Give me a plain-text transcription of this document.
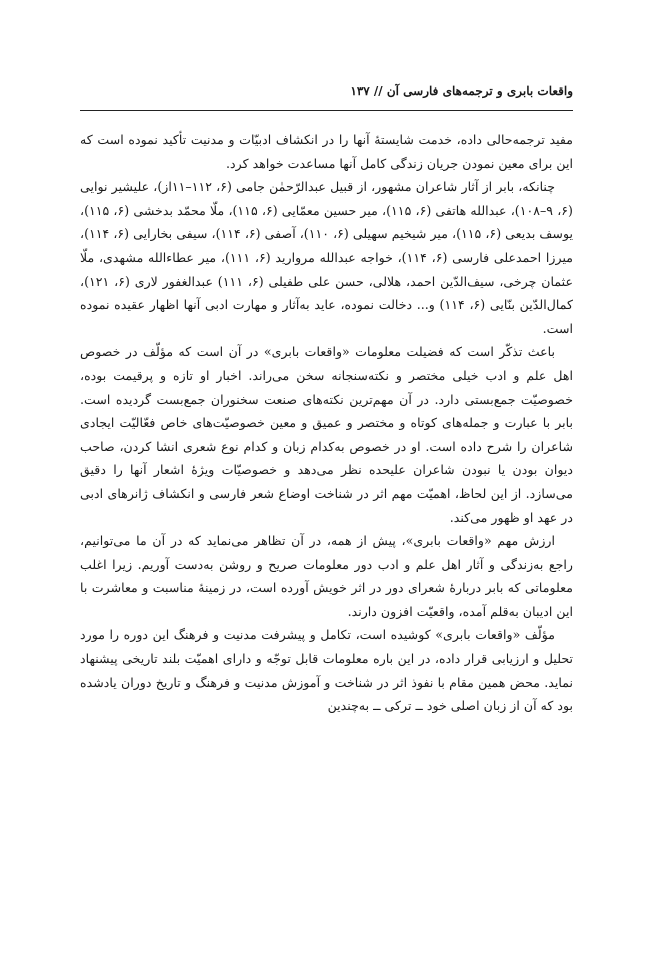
واقعات بابری و ترجمه‌های فارسی آن // ۱۳۷

مفید ترجمه‌حالی داده، خدمت شایستهٔ آنها را در انکشاف ادبیّات و مدنیت تأکید نموده است که این برای معین نمودن جریان زندگی کامل آنها مساعدت خواهد کرد.

چنانکه، بابر از آثار شاعران مشهور، از قبیل عبدالرّحمٰن جامی (۶، ۱۱۲–۱۱از)، علیشیر نوایی (۶، ۹–۱۰۸)، عبدالله هاتفی (۶، ۱۱۵)، میر حسین معمّایی (۶، ۱۱۵)، ملّا محمّد بدخشی (۶، ۱۱۵)، یوسف بدیعی (۶، ۱۱۵)، میر شیخیم سهیلی (۶، ۱۱۰)، آصفی (۶، ۱۱۴)، سیفی بخارایی (۶، ۱۱۴)، میرزا احمدعلی فارسی (۶، ۱۱۴)، خواجه عبدالله مروارید (۶، ۱۱۱)، میر عطاءالله مشهدی، ملّا عثمان چرخی، سیف‌الدّین احمد، هلالی، حسن علی طفیلی (۶، ۱۱۱) عبدالغفور لاری (۶، ۱۲۱)، کمال‌الدّین بنّایی (۶، ۱۱۴) و... دخالت نموده، عاید به‌آثار و مهارت ادبی آنها اظهار عقیده نموده است.

باعث تذکّر است که فضیلت معلومات «واقعات بابری» در آن است که مؤلّف در خصوص اهل علم و ادب خیلی مختصر و نکته‌سنجانه سخن می‌راند. اخبار او تازه و پرقیمت بوده، خصوصیّت جمع‌بستی دارد. در آن مهم‌ترین نکته‌های صنعت سخنوران جمع‌بست گردیده است. بابر با عبارت و جمله‌های کوتاه و مختصر و عمیق و معین خصوصیّت‌های خاص فعّالیّت ایجادی شاعران را شرح داده است. او در خصوص به‌کدام زبان و کدام نوع شعری انشا کردن، صاحب دیوان بودن یا نبودن شاعران علیحده نظر می‌دهد و خصوصیّات ویژهٔ اشعار آنها را دقیق می‌سازد. از این لحاظ، اهمیّت مهم اثر در شناخت اوضاع شعر فارسی و انکشاف ژانرهای ادبی در عهد او ظهور می‌کند.

ارزش مهم «واقعات بابری»، پیش از همه، در آن تظاهر می‌نماید که در آن ما می‌توانیم، راجع به‌زندگی و آثار اهل علم و ادب دور معلومات صریح و روشن به‌دست آوریم. زیرا اغلب معلوماتی که بابر دربارهٔ شعرای دور در اثر خویش آورده است، در زمینهٔ مناسبت و معاشرت با این ادیبان به‌قلم آمده، واقعیّت افزون دارند.

مؤلّف «واقعات بابری» کوشیده است، تکامل و پیشرفت مدنیت و فرهنگ این دوره را مورد تحلیل و ارزیابی قرار داده، در این باره معلومات قابل توجّه و دارای اهمیّت بلند تاریخی پیشنهاد نماید. محض همین مقام با نفوذ اثر در شناخت و آموزش مدنیت و فرهنگ و تاریخ دوران یادشده بود که آن از زبان اصلی خود ــ ترکی ــ به‌چندین
